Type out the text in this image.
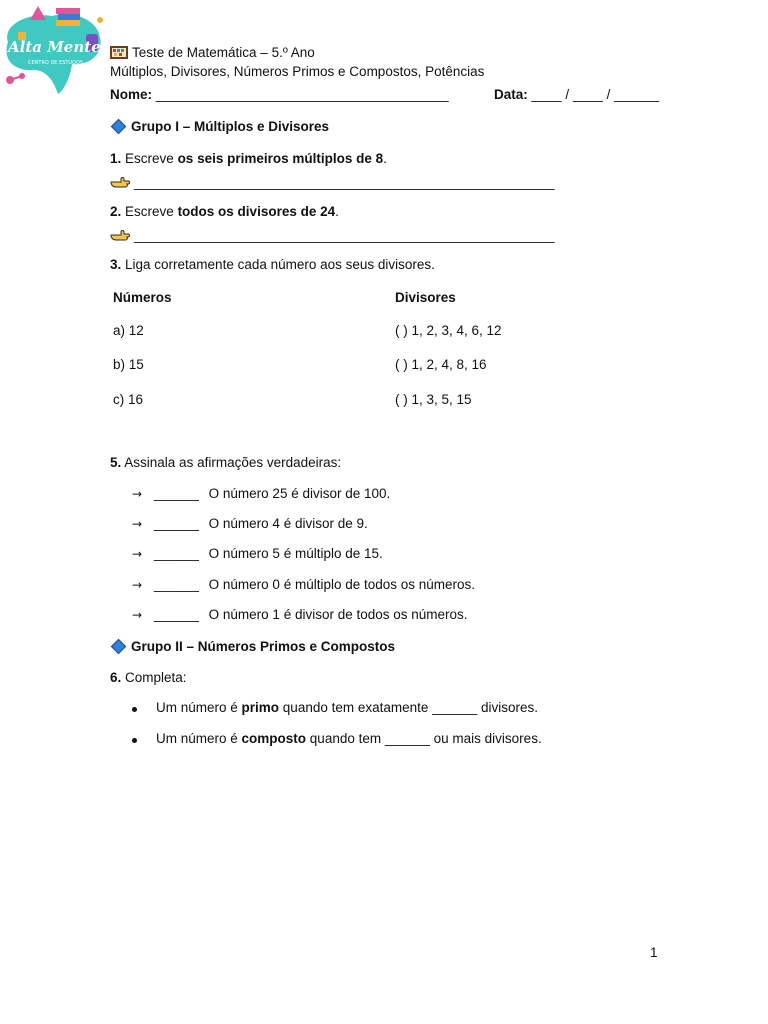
Alta Mente
CENTRO DE ESTUDOS
Teste de Matemática – 5.º Ano
Múltiplos, Divisores, Números Primos e Compostos, Potências
Nome: _______________________________________	Data: ____ / ____ / ______
Grupo I – Múltiplos e Divisores
1. Escreve os seis primeiros múltiplos de 8.
________________________________________________________
2. Escreve todos os divisores de 24.
________________________________________________________
3. Liga corretamente cada número aos seus divisores.
Números	Divisores
a) 12	( ) 1, 2, 3, 4, 6, 12
b) 15	( ) 1, 2, 4, 8, 16
c) 16	( ) 1, 3, 5, 15
5. Assinala as afirmações verdadeiras:
→ ______ O número 25 é divisor de 100.
→ ______ O número 4 é divisor de 9.
→ ______ O número 5 é múltiplo de 15.
→ ______ O número 0 é múltiplo de todos os números.
→ ______ O número 1 é divisor de todos os números.
Grupo II – Números Primos e Compostos
6. Completa:
Um número é primo quando tem exatamente ______ divisores.
Um número é composto quando tem ______ ou mais divisores.
1
